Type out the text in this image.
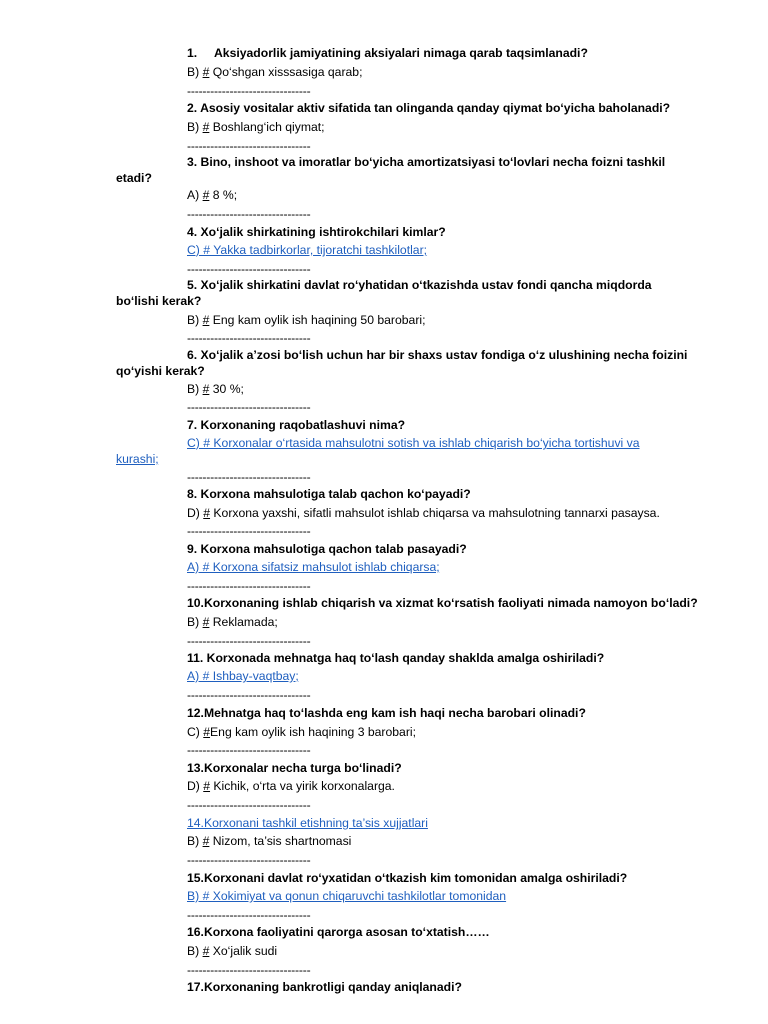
1. Aksiyadorlik jamiyatining aksiyalari nimaga qarab taqsimlanadi?
B) # Qo‘shgan xisssasiga qarab;
--------------------------------
2. Asosiy vositalar aktiv sifatida tan olinganda qanday qiymat bo‘yicha baholanadi?
B) # Boshlang‘ich qiymat;
--------------------------------
3. Bino, inshoot va imoratlar bo‘yicha amortizatsiyasi to‘lovlari necha foizni tashkil
etadi?
A) # 8 %;
--------------------------------
4. Xo‘jalik shirkatining ishtirokchilari kimlar?
C) # Yakka tadbirkorlar, tijoratchi tashkilotlar;
--------------------------------
5. Xo‘jalik shirkatini davlat ro‘yhatidan o‘tkazishda ustav fondi qancha miqdorda
bo‘lishi kerak?
B) # Eng kam oylik ish haqining 50 barobari;
--------------------------------
6. Xo‘jalik a’zosi bo‘lish uchun har bir shaxs ustav fondiga o‘z ulushining necha foizini
qo‘yishi kerak?
B) # 30 %;
--------------------------------
7. Korxonaning raqobatlashuvi nima?
C) # Korxonalar o‘rtasida mahsulotni sotish va ishlab chiqarish bo‘yicha tortishuvi va
kurashi;
--------------------------------
8. Korxona mahsulotiga talab qachon ko‘payadi?
D) # Korxona yaxshi, sifatli mahsulot ishlab chiqarsa va mahsulotning tannarxi pasaysa.
--------------------------------
9. Korxona mahsulotiga qachon talab pasayadi?
A) # Korxona sifatsiz mahsulot ishlab chiqarsa;
--------------------------------
10.Korxonaning ishlab chiqarish va xizmat ko‘rsatish faoliyati nimada namoyon bo‘ladi?
B) # Reklamada;
--------------------------------
11. Korxonada mehnatga haq to‘lash qanday shaklda amalga oshiriladi?
A) # Ishbay-vaqtbay;
--------------------------------
12.Mehnatga haq to‘lashda eng kam ish haqi necha barobari olinadi?
C) #Eng kam oylik ish haqining 3 barobari;
--------------------------------
13.Korxonalar necha turga bo‘linadi?
D) # Kichik, o‘rta va yirik korxonalarga.
--------------------------------
14.Korxonani tashkil etishning ta’sis xujjatlari
B) # Nizom, ta’sis shartnomasi
--------------------------------
15.Korxonani davlat ro‘yxatidan o‘tkazish kim tomonidan amalga oshiriladi?
B) # Xokimiyat va qonun chiqaruvchi tashkilotlar tomonidan
--------------------------------
16.Korxona faoliyatini qarorga asosan to‘xtatish……
B) # Xo‘jalik sudi
--------------------------------
17.Korxonaning bankrotligi qanday aniqlanadi?
